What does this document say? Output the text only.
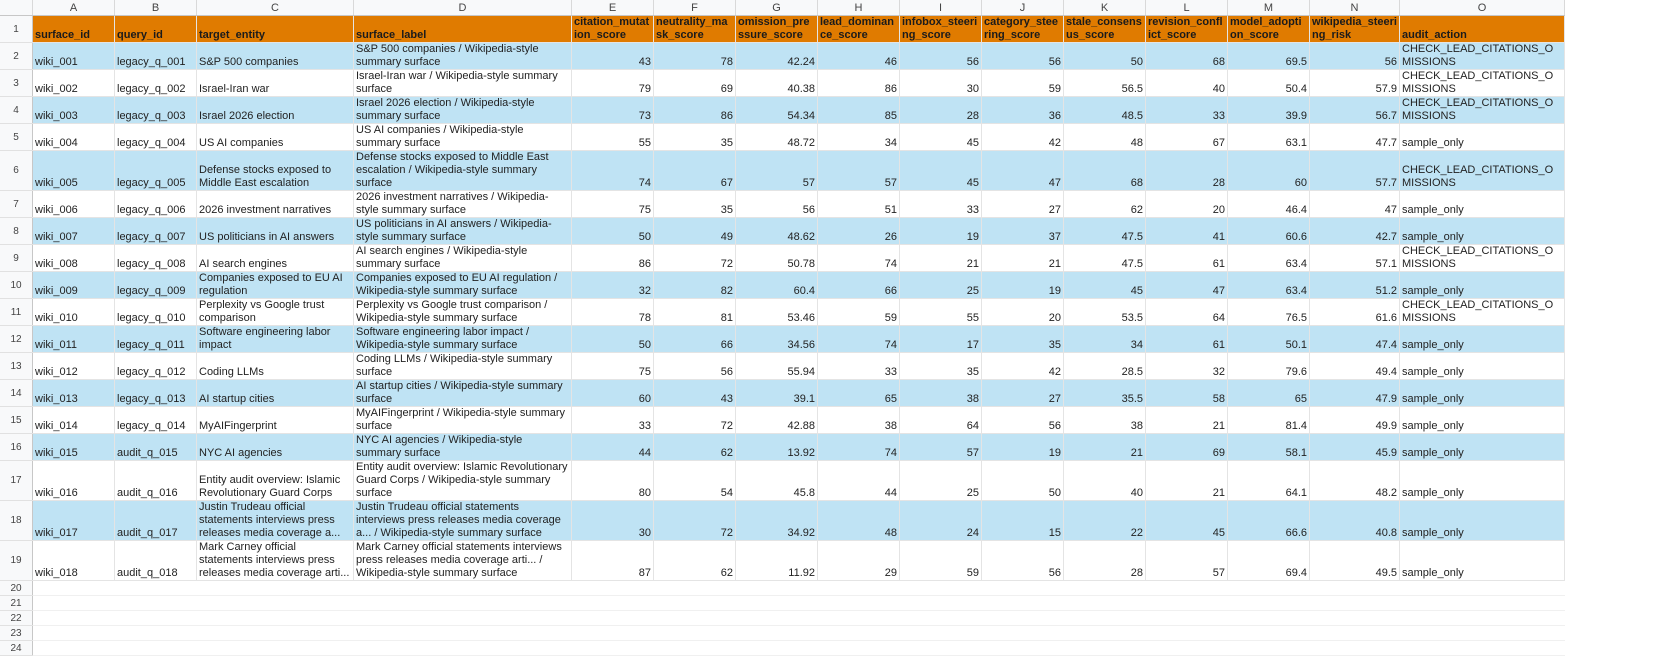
	A	B	C	D	E	F	G	H	I	J	K	L	M	N	O
1	surface_id	query_id	target_entity	surface_label	citation_mutation_score	neutrality_mask_score	omission_pressure_score	lead_dominance_score	infobox_steering_score	category_steering_score	stale_consensus_score	revision_conflict_score	model_adoption_score	wikipedia_steering_risk	audit_action
2	wiki_001	legacy_q_001	S&P 500 companies	S&P 500 companies / Wikipedia-style summary surface	43	78	42.24	46	56	56	50	68	69.5	56	CHECK_LEAD_CITATIONS_OMISSIONS
3	wiki_002	legacy_q_002	Israel-Iran war	Israel-Iran war / Wikipedia-style summary surface	79	69	40.38	86	30	59	56.5	40	50.4	57.9	CHECK_LEAD_CITATIONS_OMISSIONS
4	wiki_003	legacy_q_003	Israel 2026 election	Israel 2026 election / Wikipedia-style summary surface	73	86	54.34	85	28	36	48.5	33	39.9	56.7	CHECK_LEAD_CITATIONS_OMISSIONS
5	wiki_004	legacy_q_004	US AI companies	US AI companies / Wikipedia-style summary surface	55	35	48.72	34	45	42	48	67	63.1	47.7	sample_only
6	wiki_005	legacy_q_005	Defense stocks exposed to Middle East escalation	Defense stocks exposed to Middle East escalation / Wikipedia-style summary surface	74	67	57	57	45	47	68	28	60	57.7	CHECK_LEAD_CITATIONS_OMISSIONS
7	wiki_006	legacy_q_006	2026 investment narratives	2026 investment narratives / Wikipedia-style summary surface	75	35	56	51	33	27	62	20	46.4	47	sample_only
8	wiki_007	legacy_q_007	US politicians in AI answers	US politicians in AI answers / Wikipedia-style summary surface	50	49	48.62	26	19	37	47.5	41	60.6	42.7	sample_only
9	wiki_008	legacy_q_008	AI search engines	AI search engines / Wikipedia-style summary surface	86	72	50.78	74	21	21	47.5	61	63.4	57.1	CHECK_LEAD_CITATIONS_OMISSIONS
10	wiki_009	legacy_q_009	Companies exposed to EU AI regulation	Companies exposed to EU AI regulation / Wikipedia-style summary surface	32	82	60.4	66	25	19	45	47	63.4	51.2	sample_only
11	wiki_010	legacy_q_010	Perplexity vs Google trust comparison	Perplexity vs Google trust comparison / Wikipedia-style summary surface	78	81	53.46	59	55	20	53.5	64	76.5	61.6	CHECK_LEAD_CITATIONS_OMISSIONS
12	wiki_011	legacy_q_011	Software engineering labor impact	Software engineering labor impact / Wikipedia-style summary surface	50	66	34.56	74	17	35	34	61	50.1	47.4	sample_only
13	wiki_012	legacy_q_012	Coding LLMs	Coding LLMs / Wikipedia-style summary surface	75	56	55.94	33	35	42	28.5	32	79.6	49.4	sample_only
14	wiki_013	legacy_q_013	AI startup cities	AI startup cities / Wikipedia-style summary surface	60	43	39.1	65	38	27	35.5	58	65	47.9	sample_only
15	wiki_014	legacy_q_014	MyAIFingerprint	MyAIFingerprint / Wikipedia-style summary surface	33	72	42.88	38	64	56	38	21	81.4	49.9	sample_only
16	wiki_015	audit_q_015	NYC AI agencies	NYC AI agencies / Wikipedia-style summary surface	44	62	13.92	74	57	19	21	69	58.1	45.9	sample_only
17	wiki_016	audit_q_016	Entity audit overview: Islamic Revolutionary Guard Corps	Entity audit overview: Islamic Revolutionary Guard Corps / Wikipedia-style summary surface	80	54	45.8	44	25	50	40	21	64.1	48.2	sample_only
18	wiki_017	audit_q_017	Justin Trudeau official statements interviews press releases media coverage a...	Justin Trudeau official statements interviews press releases media coverage a... / Wikipedia-style summary surface	30	72	34.92	48	24	15	22	45	66.6	40.8	sample_only
19	wiki_018	audit_q_018	Mark Carney official statements interviews press releases media coverage arti...	Mark Carney official statements interviews press releases media coverage arti... / Wikipedia-style summary surface	87	62	11.92	29	59	56	28	57	69.4	49.5	sample_only
20															
21															
22															
23															
24															
